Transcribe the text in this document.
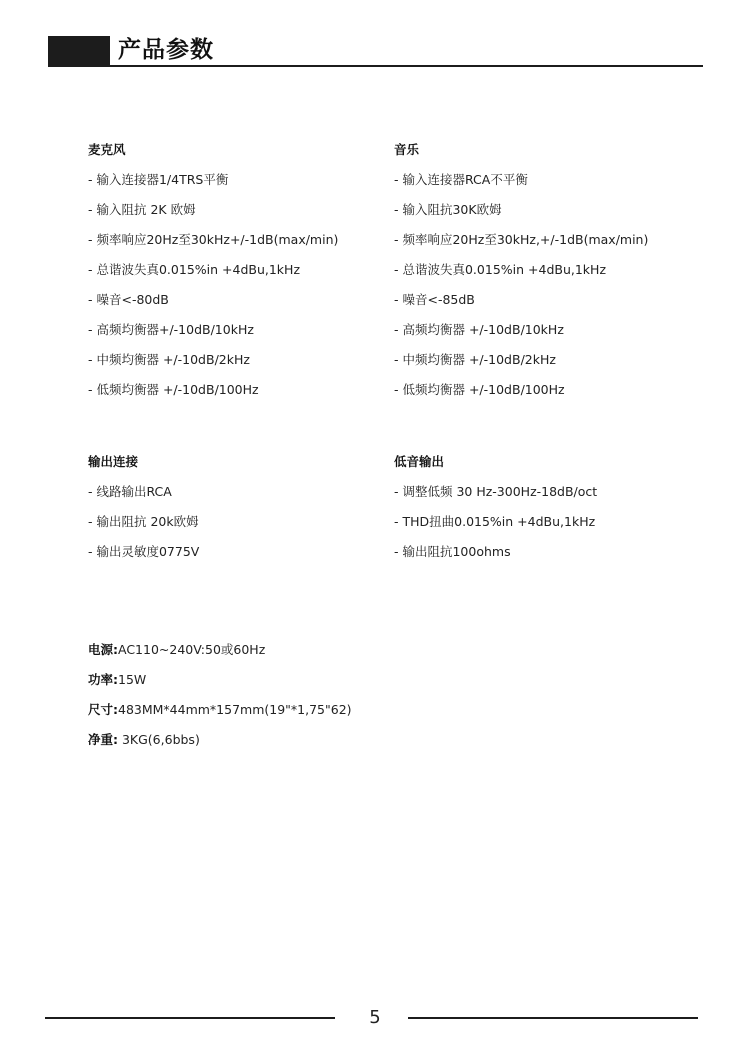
产品参数
麦克风
- 输入连接器1/4TRS平衡
- 输入阻抗 2K 欧姆
- 频率响应20Hz至30kHz+/-1dB(max/min)
- 总谐波失真0.015%in +4dBu,1kHz
- 噪音<-80dB
- 高频均衡器+/-10dB/10kHz
- 中频均衡器 +/-10dB/2kHz
- 低频均衡器 +/-10dB/100Hz
音乐
- 输入连接器RCA不平衡
- 输入阻抗30K欧姆
- 频率响应20Hz至30kHz,+/-1dB(max/min)
- 总谐波失真0.015%in +4dBu,1kHz
- 噪音<-85dB
- 高频均衡器 +/-10dB/10kHz
- 中频均衡器 +/-10dB/2kHz
- 低频均衡器 +/-10dB/100Hz
输出连接
- 线路输出RCA
- 输出阻抗 20k欧姆
- 输出灵敏度0775V
低音输出
- 调整低频 30 Hz-300Hz-18dB/oct
- THD扭曲0.015%in +4dBu,1kHz
- 输出阻抗100ohms
电源:AC110~240V:50或60Hz
功率:15W
尺寸:483MM*44mm*157mm(19"*1,75"62)
净重: 3KG(6,6bbs)
5
